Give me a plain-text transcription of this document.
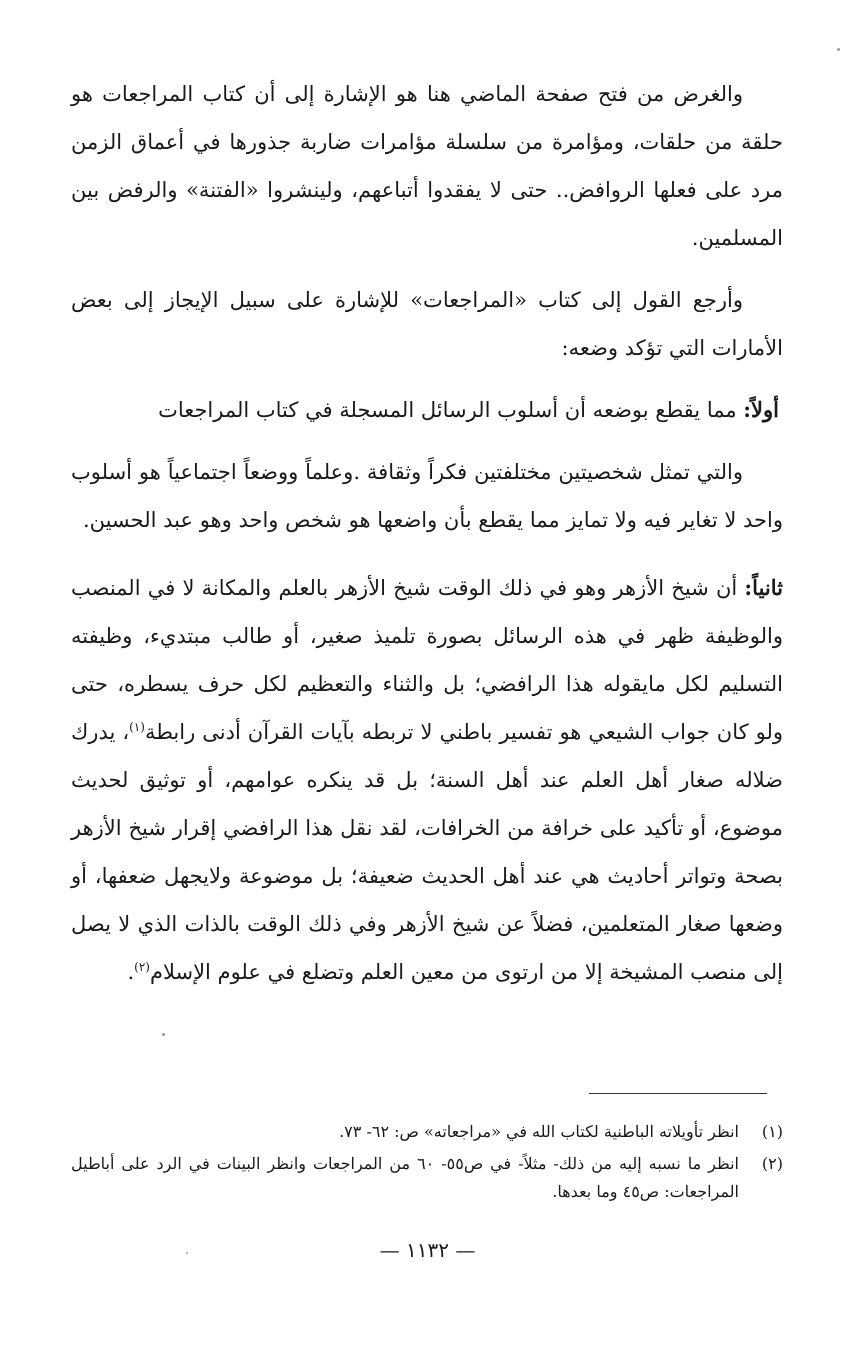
والغرض من فتح صفحة الماضي هنا هو الإشارة إلى أن كتاب المراجعات هو حلقة من حلقات، ومؤامرة من سلسلة مؤامرات ضاربة جذورها في أعماق الزمن مرد على فعلها الروافض.. حتى لا يفقدوا أتباعهم، ولينشروا «الفتنة» والرفض بين المسلمين.

وأرجع القول إلى كتاب «المراجعات» للإشارة على سبيل الإيجاز إلى بعض الأمارات التي تؤكد وضعه:

أولاً: مما يقطع بوضعه أن أسلوب الرسائل المسجلة في كتاب المراجعات

والتي تمثل شخصيتين مختلفتين فكراً وثقافة .وعلماً ووضعاً اجتماعياً هو أسلوب واحد لا تغاير فيه ولا تمايز مما يقطع بأن واضعها هو شخص واحد وهو عبد الحسين.

ثانياً: أن شيخ الأزهر وهو في ذلك الوقت شيخ الأزهر بالعلم والمكانة لا في المنصب والوظيفة ظهر في هذه الرسائل بصورة تلميذ صغير، أو طالب مبتديء، وظيفته التسليم لكل مايقوله هذا الرافضي؛ بل والثناء والتعظيم لكل حرف يسطره، حتى ولو كان جواب الشيعي هو تفسير باطني لا تربطه بآيات القرآن أدنى رابطة$^{(١)}$، يدرك ضلاله صغار أهل العلم عند أهل السنة؛ بل قد ينكره عوامهم، أو توثيق لحديث موضوع، أو تأكيد على خرافة من الخرافات، لقد نقل هذا الرافضي إقرار شيخ الأزهر بصحة وتواتر أحاديث هي عند أهل الحديث ضعيفة؛ بل موضوعة ولايجهل ضعفها، أو وضعها صغار المتعلمين، فضلاً عن شيخ الأزهر وفي ذلك الوقت بالذات الذي لا يصل إلى منصب المشيخة إلا من ارتوى من معين العلم وتضلع في علوم الإسلام$^{(٢)}$.

(١)
انظر تأويلاته الباطنية لكتاب الله في «مراجعاته» ص: ٦٢- ٧٣.
(٢)
انظر ما نسبه إليه من ذلك- مثلاً- في ص٥٥- ٦٠ من المراجعات وانظر البينات في الرد على أباطيل المراجعات: ص٤٥ وما بعدها.
— ١١٣٢ —
